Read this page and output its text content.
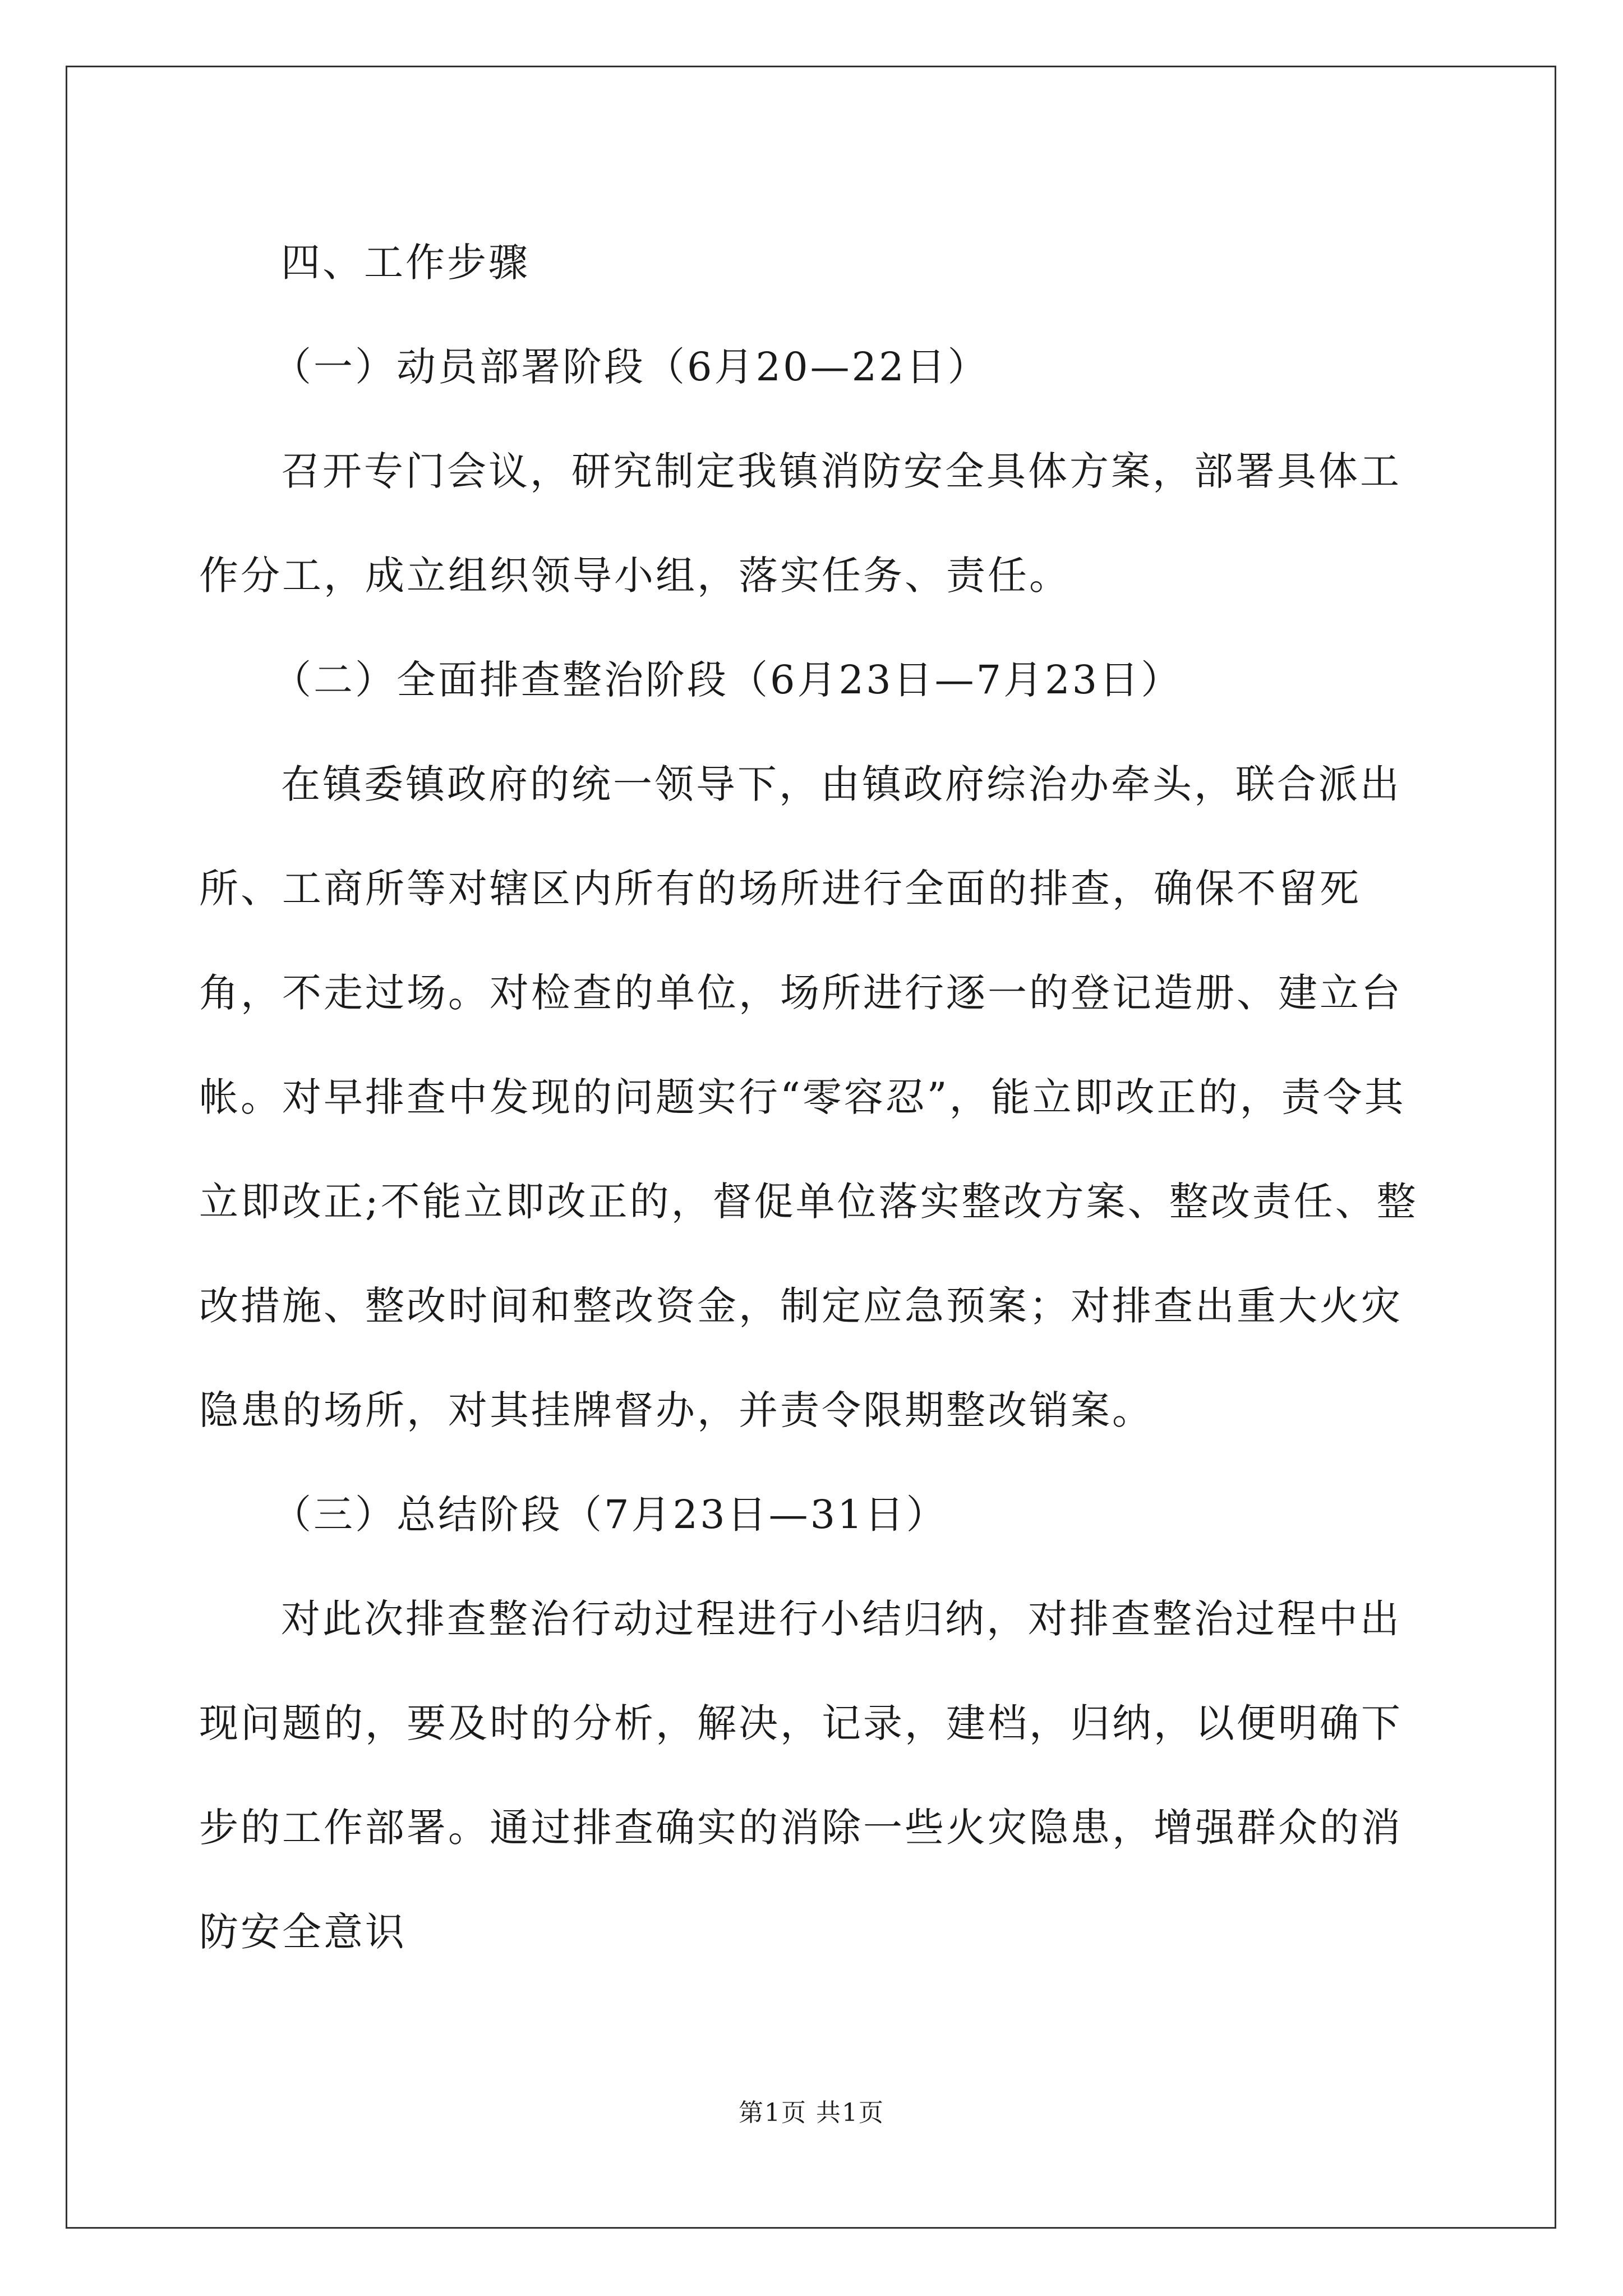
四、工作步骤

（一）动员部署阶段（6月20—22日）

召开专门会议，研究制定我镇消防安全具体方案，部署具体工作分工，成立组织领导小组，落实任务、责任。

（二）全面排查整治阶段（6月23日—7月23日）

在镇委镇政府的统一领导下，由镇政府综治办牵头，联合派出所、工商所等对辖区内所有的场所进行全面的排查，确保不留死角，不走过场。对检查的单位，场所进行逐一的登记造册、建立台帐。对早排查中发现的问题实行“零容忍”，能立即改正的，责令其立即改正;不能立即改正的，督促单位落实整改方案、整改责任、整改措施、整改时间和整改资金，制定应急预案；对排查出重大火灾隐患的场所，对其挂牌督办，并责令限期整改销案。

（三）总结阶段（7月23日—31日）

对此次排查整治行动过程进行小结归纳，对排查整治过程中出现问题的，要及时的分析，解决，记录，建档，归纳，以便明确下步的工作部署。通过排查确实的消除一些火灾隐患，增强群众的消防安全意识

第1页 共1页
